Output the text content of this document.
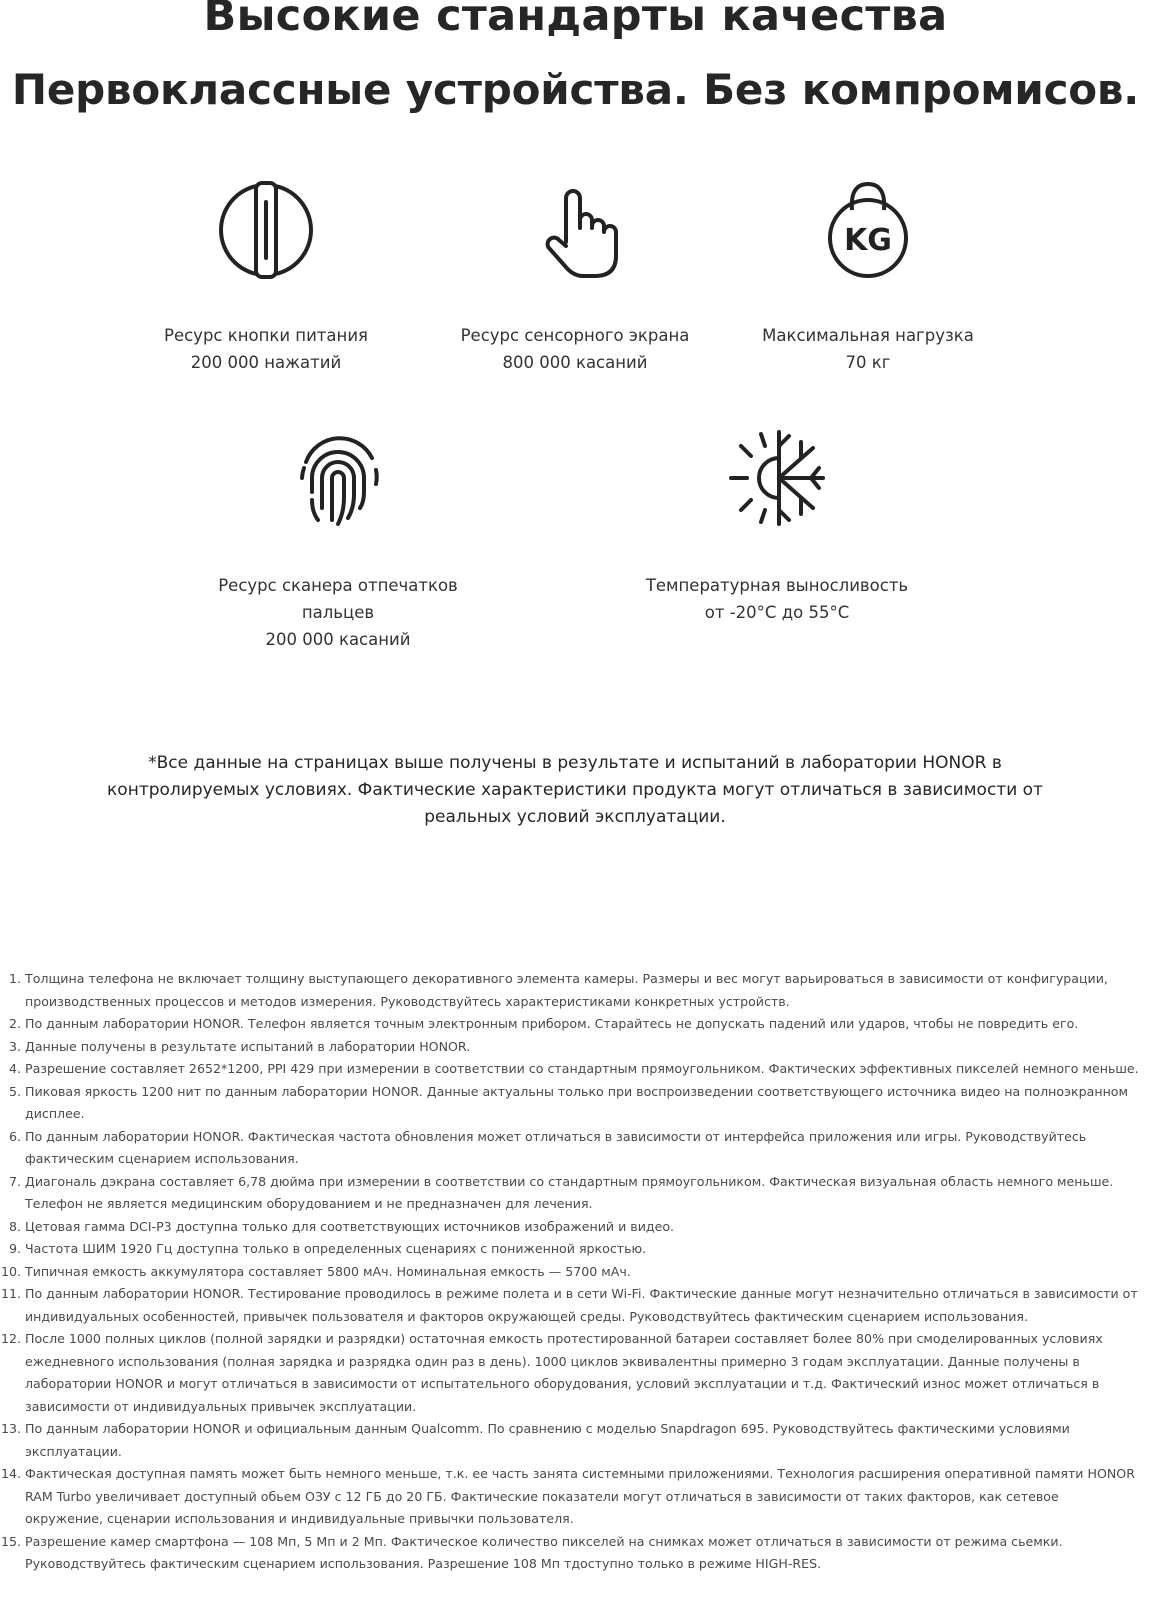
Высокие стандарты качества
Первоклассные устройства. Без компромисов.
Ресурс кнопки питания
200 000 нажатий
Ресурс сенсорного экрана
800 000 касаний
KG
Максимальная нагрузка
70 кг
Ресурс сканера отпечатков
пальцев
200 000 касаний
Температурная выносливость
от -20°C до 55°C

*Все данные на страницах выше получены в результате и испытаний в лаборатории HONOR в контролируемых условиях. Фактические характеристики продукта могут отличаться в зависимости от реальных условий эксплуатации.

1. Толщина телефона не включает толщину выступающего декоративного элемента камеры. Размеры и вес могут варьироваться в зависимости от конфигурации, производственных процессов и методов измерения. Руководствуйтесь характеристиками конкретных устройств.
2. По данным лаборатории HONOR. Телефон является точным электронным прибором. Старайтесь не допускать падений или ударов, чтобы не повредить его.
3. Данные получены в результате испытаний в лаборатории HONOR.
4. Разрешение составляет 2652*1200, PPI 429 при измерении в соответствии со стандартным прямоугольником. Фактических эффективных пикселей немного меньше.
5. Пиковая яркость 1200 нит по данным лаборатории HONOR. Данные актуальны только при воспроизведении соответствующего источника видео на полноэкранном дисплее.
6. По данным лаборатории HONOR. Фактическая частота обновления может отличаться в зависимости от интерфейса приложения или игры. Руководствуйтесь фактическим сценарием использования.
7. Диагональ дэкрана составляет 6,78 дюйма при измерении в соответствии со стандартным прямоугольником. Фактическая визуальная область немного меньше. Телефон не является медицинским оборудованием и не предназначен для лечения.
8. Цетовая гамма DCI-P3 доступна только для соответствующих источников изображений и видео.
9. Частота ШИМ 1920 Гц доступна только в определенных сценариях с пониженной яркостью.
10. Типичная емкость аккумулятора составляет 5800 мАч. Номинальная емкость — 5700 мАч.
11. По данным лаборатории HONOR. Тестирование проводилось в режиме полета и в сети Wi-Fi. Фактические данные могут незначительно отличаться в зависимости от индивидуальных особенностей, привычек пользователя и факторов окружающей среды. Руководствуйтесь фактическим сценарием использования.
12. После 1000 полных циклов (полной зарядки и разрядки) остаточная емкость протестированной батареи составляет более 80% при смоделированных условиях ежедневного использования (полная зарядка и разрядка один раз в день). 1000 циклов эквивалентны примерно 3 годам эксплуатации. Данные получены в лаборатории HONOR и могут отличаться в зависимости от испытательного оборудования, условий эксплуатации и т.д. Фактический износ может отличаться в зависимости от индивидуальных привычек эксплуатации.
13. По данным лаборатории HONOR и официальным данным Qualcomm. По сравнению с моделью Snapdragon 695. Руководствуйтесь фактическими условиями эксплуатации.
14. Фактическая доступная память может быть немного меньше, т.к. ее часть занята системными приложениями. Технология расширения оперативной памяти HONOR RAM Turbo увеличивает доступный обьем ОЗУ с 12 ГБ до 20 ГБ. Фактические показатели могут отличаться в зависимости от таких факторов, как сетевое окружение, сценарии использования и индивидуальные привычки пользователя.
15. Разрешение камер смартфона — 108 Мп, 5 Мп и 2 Мп. Фактическое количество пикселей на снимках может отличаться в зависимости от режима сьемки. Руководствуйтесь фактическим сценарием использования. Разрешение 108 Мп тдоступно только в режиме HIGH-RES.
